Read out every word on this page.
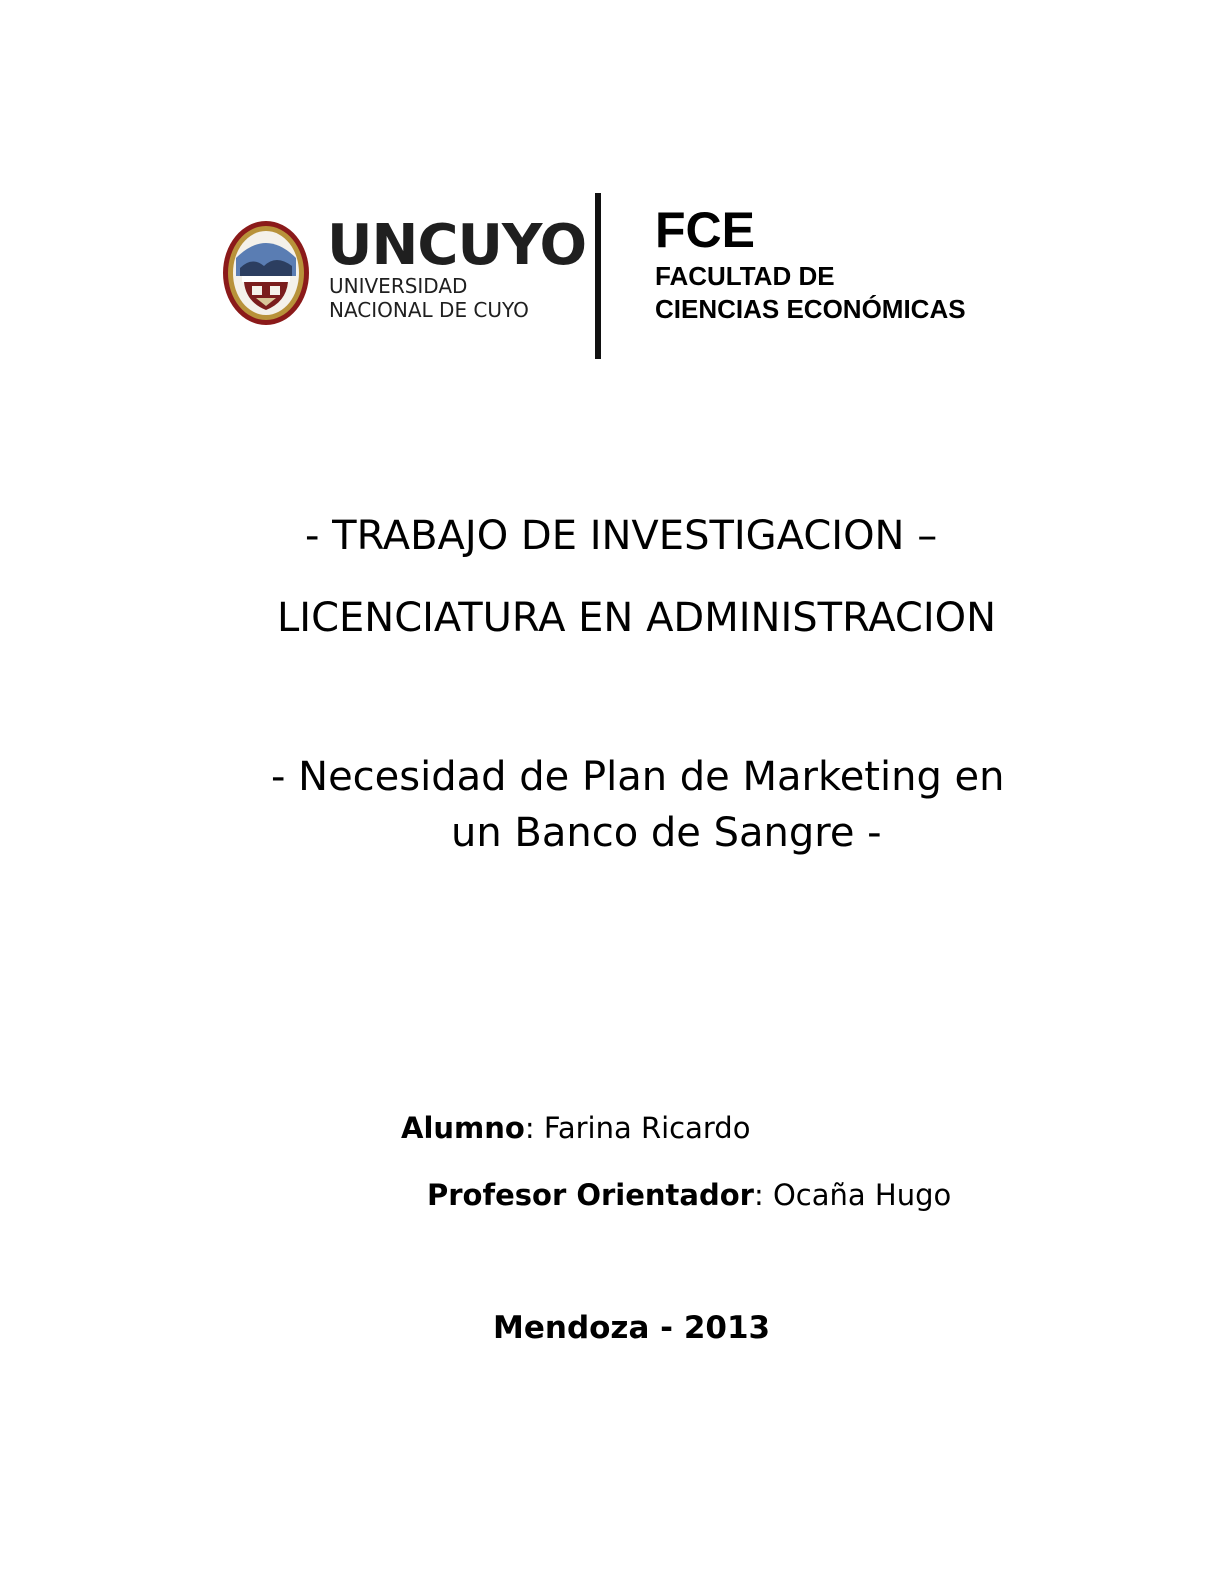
UNCUYO
UNIVERSIDAD
NACIONAL DE CUYO
FCE
FACULTAD DE
CIENCIAS ECONÓMICAS
- TRABAJO DE INVESTIGACION –
LICENCIATURA EN ADMINISTRACION
- Necesidad de Plan de Marketing en
un Banco de Sangre -
Alumno: Farina Ricardo
Profesor Orientador: Ocaña Hugo
Mendoza - 2013
